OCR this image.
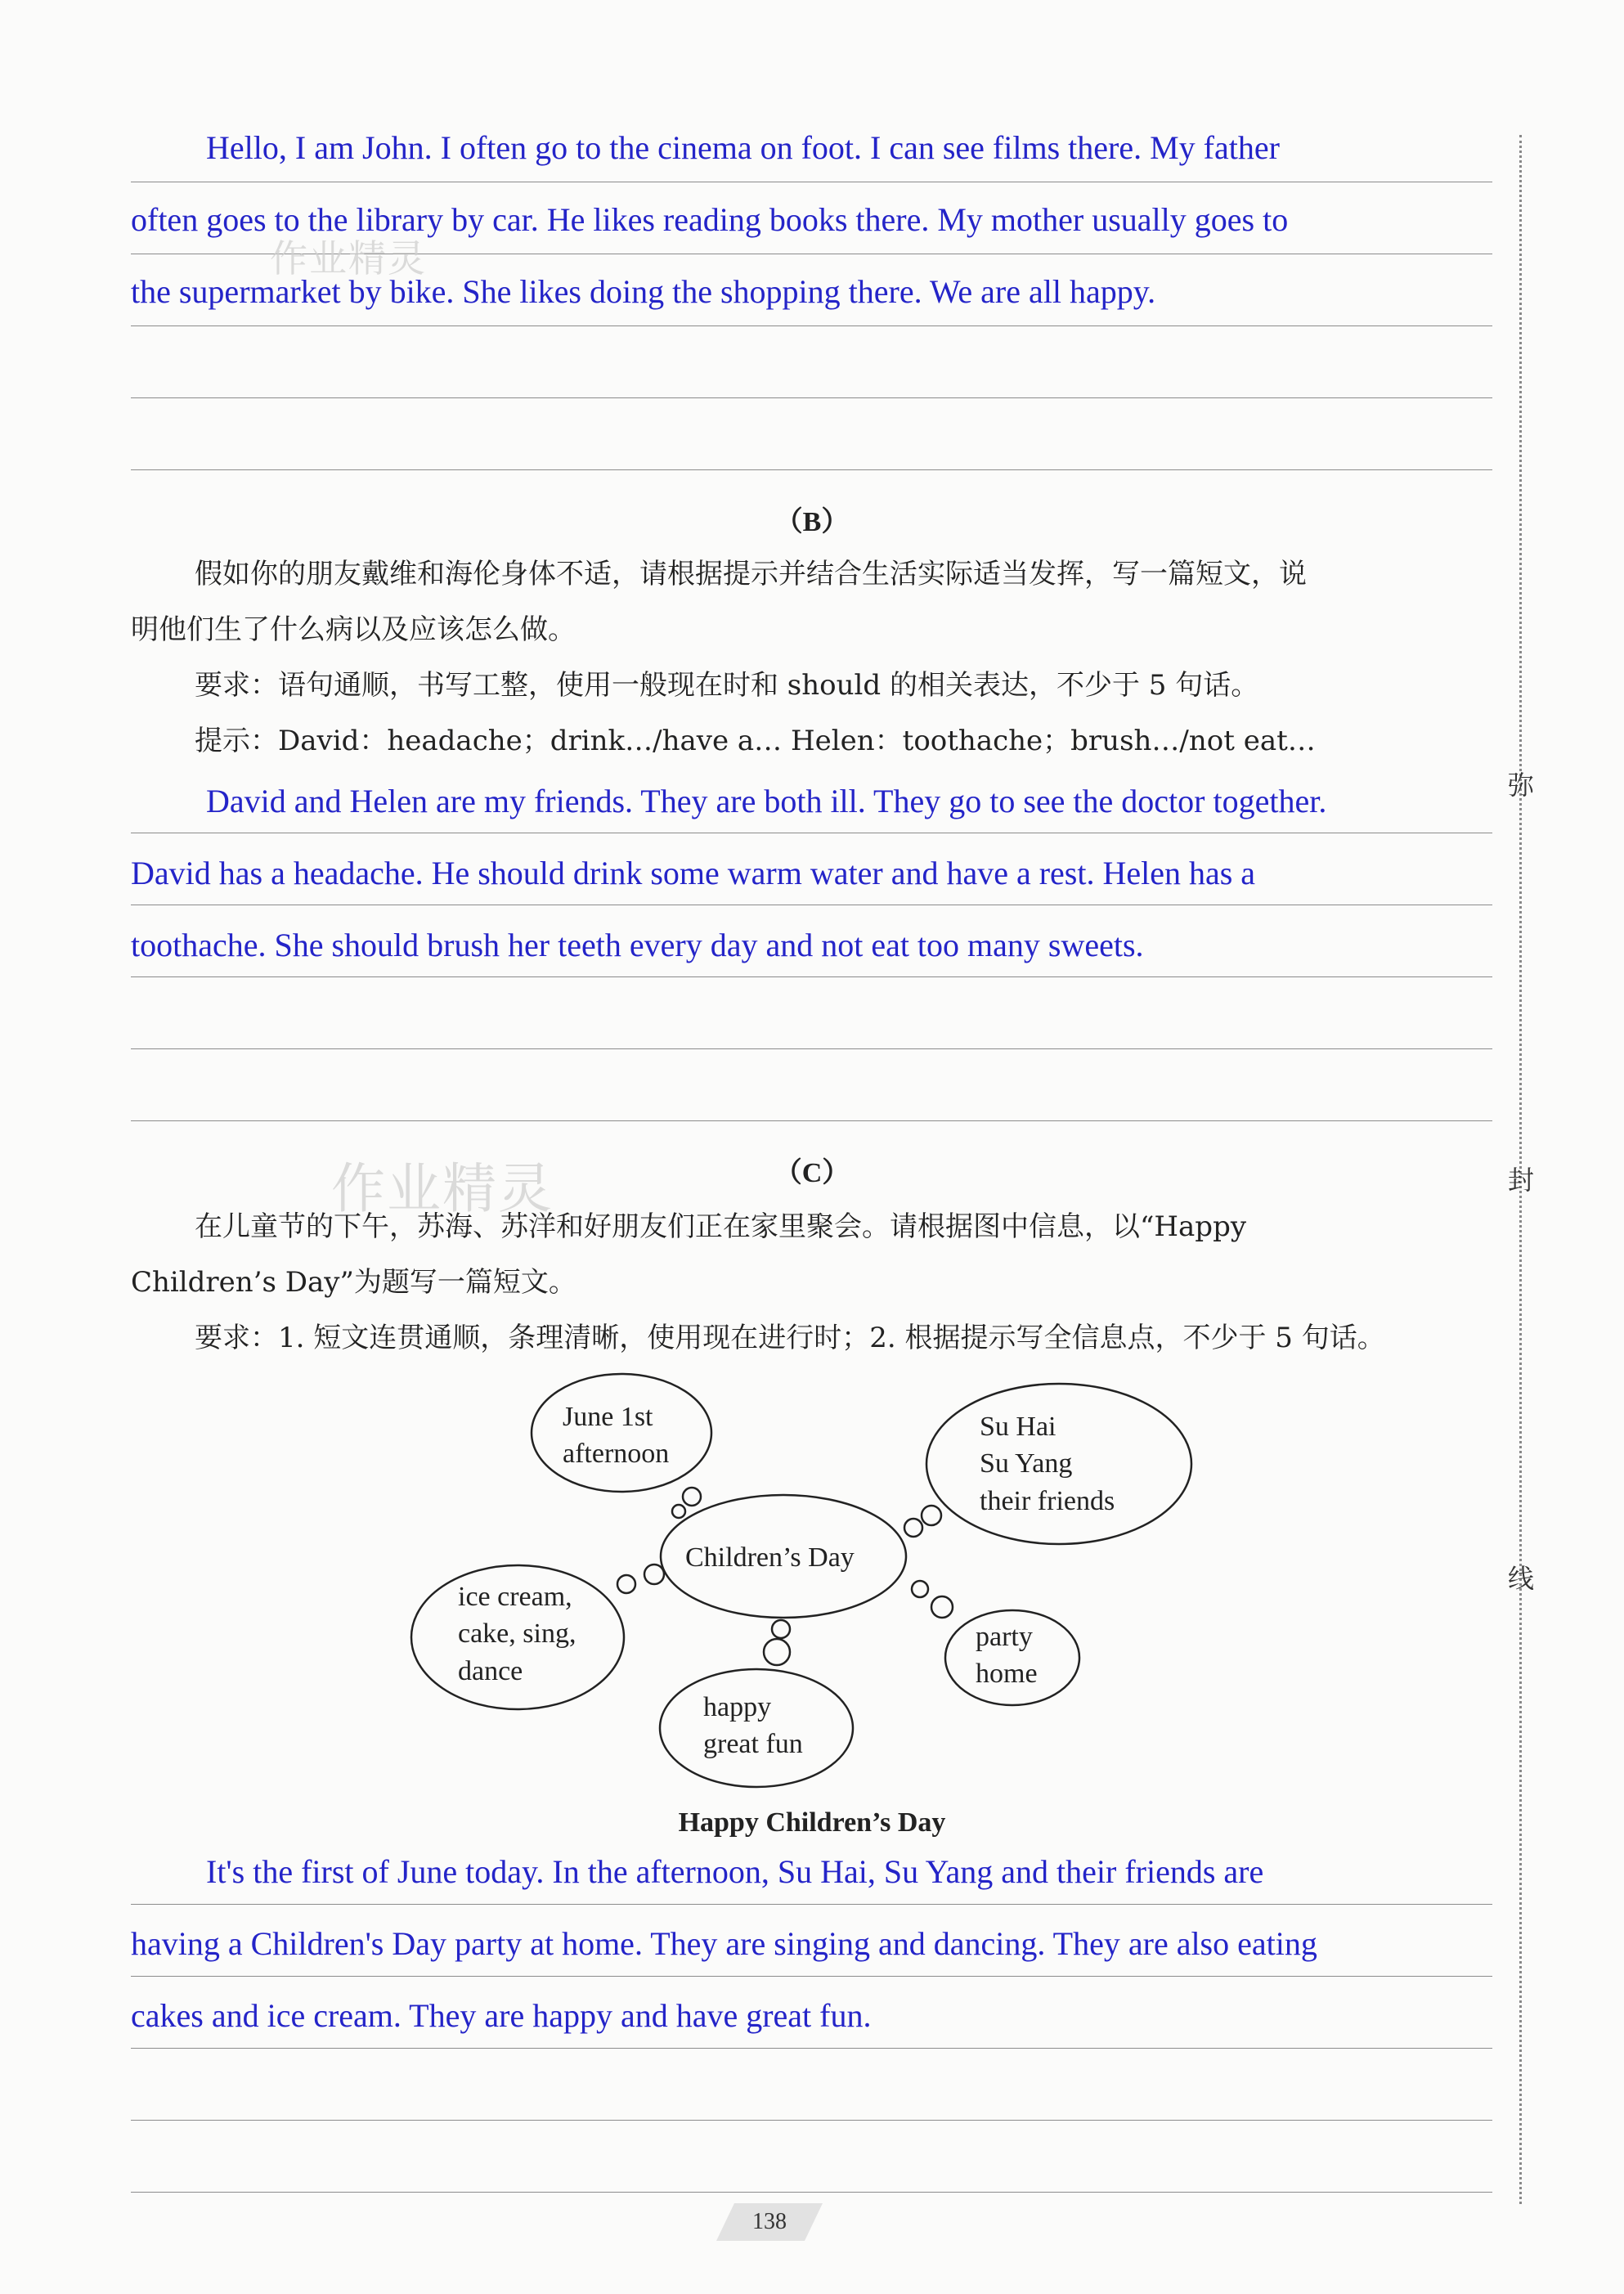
Hello, I am John. I often go to the cinema on foot. I can see films there. My father
often goes to the library by car. He likes reading books there. My mother usually goes to
the supermarket by bike. She likes doing the shopping there. We are all happy.
作业精灵
（B）
假如你的朋友戴维和海伦身体不适，请根据提示并结合生活实际适当发挥，写一篇短文，说
明他们生了什么病以及应该怎么做。
要求：语句通顺，书写工整，使用一般现在时和 should 的相关表达，不少于 5 句话。
提示：David：headache；drink…/have a… Helen：toothache；brush…/not eat…
David and Helen are my friends. They are both ill. They go to see the doctor together.
David has a headache. He should drink some warm water and have a rest. Helen has a
toothache. She should brush her teeth every day and not eat too many sweets.
作业精灵	（C）
在儿童节的下午，苏海、苏洋和好朋友们正在家里聚会。请根据图中信息，以“Happy
Children’s Day”为题写一篇短文。
要求：1. 短文连贯通顺，条理清晰，使用现在进行时；2. 根据提示写全信息点，不少于 5 句话。
June 1st
afternoon
Su Hai
Su Yang
their friends
Children’s Day
ice cream,
cake, sing,
dance
party
home
happy
great fun
Happy Children’s Day
It's the first of June today. In the afternoon, Su Hai, Su Yang and their friends are
having a Children's Day party at home. They are singing and dancing. They are also eating
cakes and ice cream. They are happy and have great fun.
弥
封
线
138
